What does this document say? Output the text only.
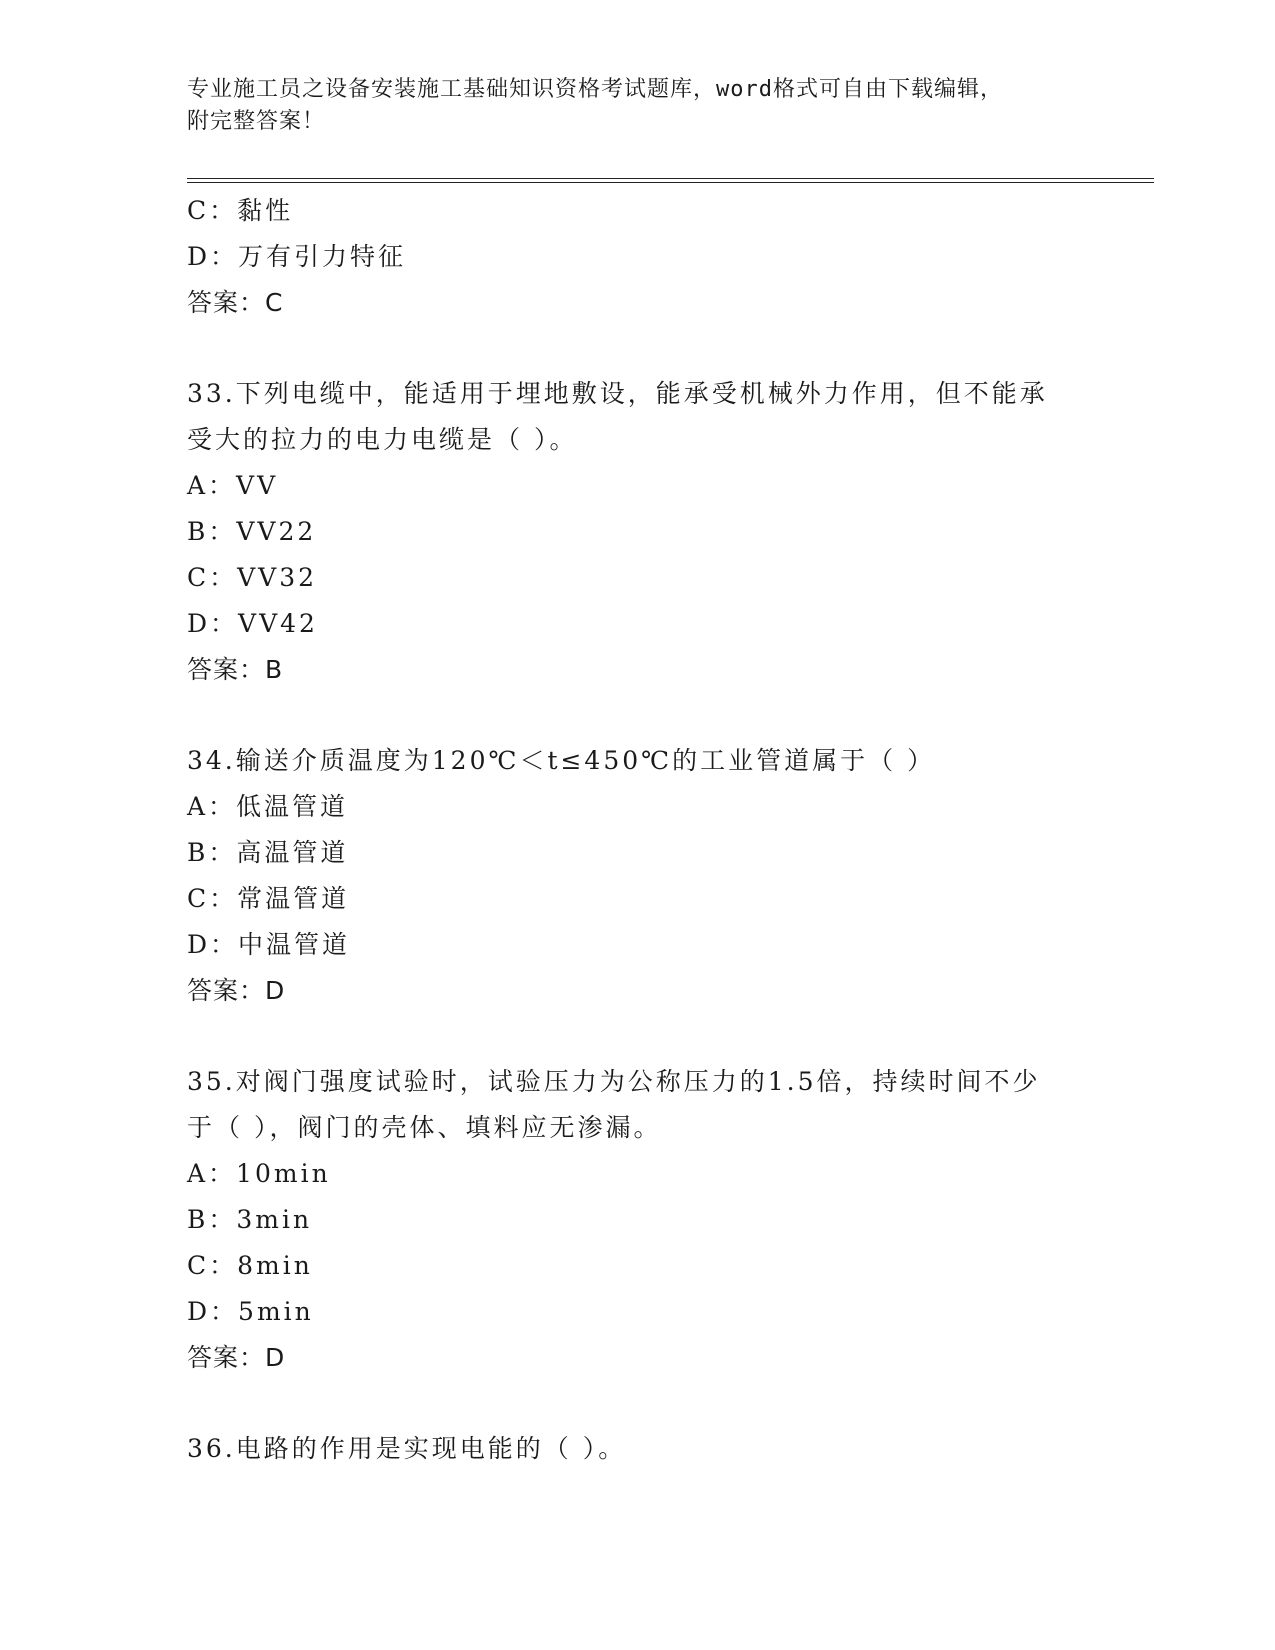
专业施工员之设备安装施工基础知识资格考试题库，word格式可自由下载编辑，
附完整答案！
C：黏性
D：万有引力特征
答案：C
33.下列电缆中，能适用于埋地敷设，能承受机械外力作用，但不能承
受大的拉力的电力电缆是（ ）。
A：VV
B：VV22
C：VV32
D：VV42
答案：B
34.输送介质温度为120℃＜t≤450℃的工业管道属于（ ）
A：低温管道
B：高温管道
C：常温管道
D：中温管道
答案：D
35.对阀门强度试验时，试验压力为公称压力的1.5倍，持续时间不少
于（ ），阀门的壳体、填料应无渗漏。
A：10min
B：3min
C：8min
D：5min
答案：D
36.电路的作用是实现电能的（ ）。
